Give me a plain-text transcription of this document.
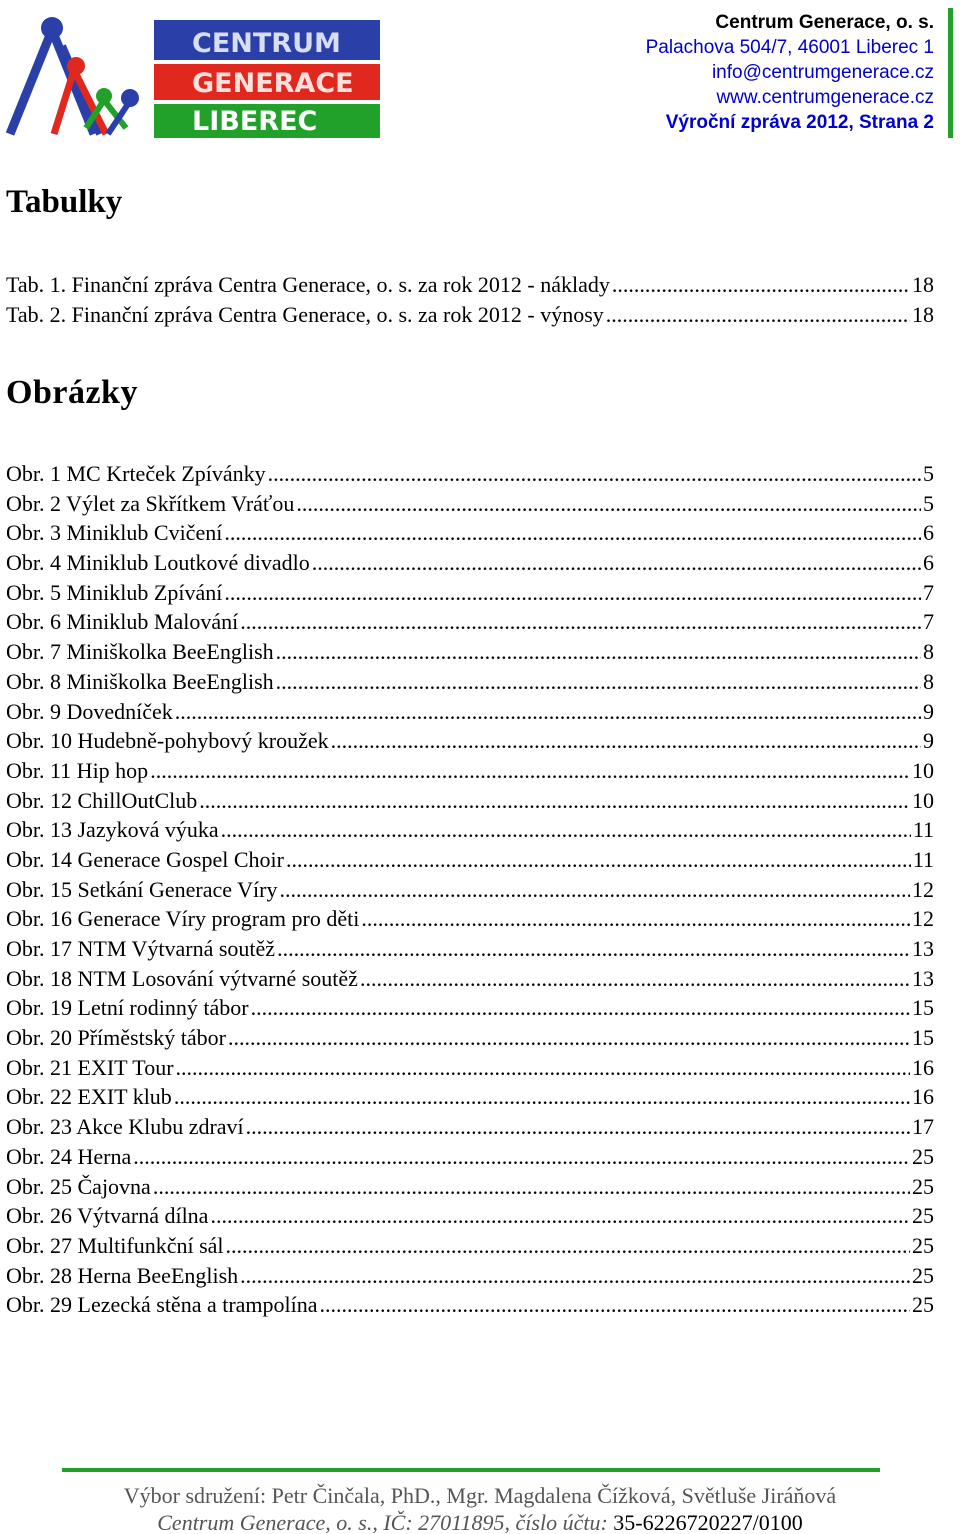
CENTRUM
GENERACE
LIBEREC
Centrum Generace, o. s.
Palachova 504/7, 46001 Liberec 1
info@centrumgenerace.cz
www.centrumgenerace.cz
Výroční zpráva 2012, Strana 2
Tabulky
Tab. 1. Finanční zpráva Centra Generace, o. s. za rok 2012 - náklady .....	18
Tab. 2. Finanční zpráva Centra Generace, o. s. za rok 2012 - výnosy .....	18
Obrázky
Obr. 1 MC Krteček Zpívánky .....	5
Obr. 2 Výlet za Skřítkem Vráťou .....	5
Obr. 3 Miniklub Cvičení .....	6
Obr. 4 Miniklub Loutkové divadlo .....	6
Obr. 5 Miniklub Zpívání .....	7
Obr. 6 Miniklub Malování .....	7
Obr. 7 Miniškolka BeeEnglish .....	8
Obr. 8 Miniškolka BeeEnglish .....	8
Obr. 9 Dovedníček .....	9
Obr. 10 Hudebně-pohybový kroužek .....	9
Obr. 11 Hip hop .....	10
Obr. 12 ChillOutClub .....	10
Obr. 13 Jazyková výuka .....	11
Obr. 14 Generace Gospel Choir .....	11
Obr. 15 Setkání Generace Víry .....	12
Obr. 16 Generace Víry program pro děti .....	12
Obr. 17 NTM Výtvarná soutěž .....	13
Obr. 18 NTM Losování výtvarné soutěž .....	13
Obr. 19 Letní rodinný tábor .....	15
Obr. 20 Příměstský tábor .....	15
Obr. 21 EXIT Tour .....	16
Obr. 22 EXIT klub .....	16
Obr. 23 Akce Klubu zdraví .....	17
Obr. 24 Herna .....	25
Obr. 25 Čajovna .....	25
Obr. 26 Výtvarná dílna .....	25
Obr. 27 Multifunkční sál .....	25
Obr. 28 Herna BeeEnglish .....	25
Obr. 29 Lezecká stěna a trampolína .....	25
Výbor sdružení: Petr Činčala, PhD., Mgr. Magdalena Čížková, Světluše Jiráňová
Centrum Generace, o. s., IČ: 27011895, číslo účtu: 35-6226720227/0100
